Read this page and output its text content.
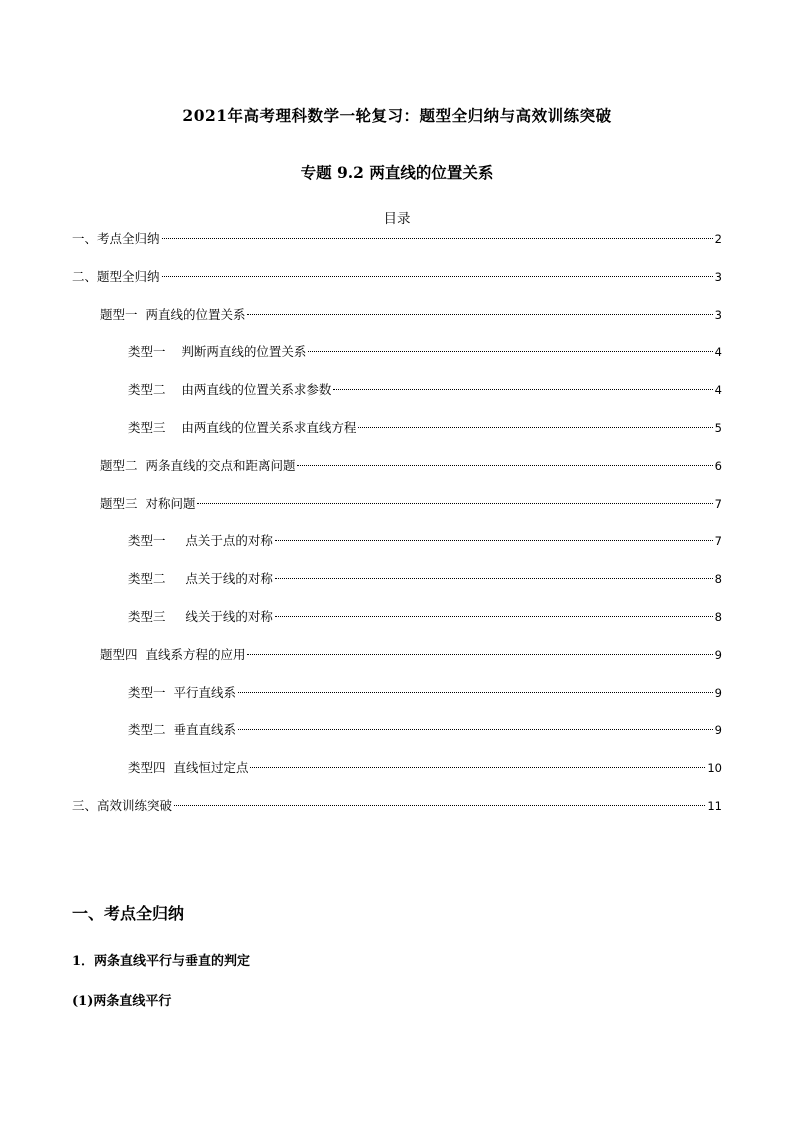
2021年高考理科数学一轮复习：题型全归纳与高效训练突破
专题 9.2 两直线的位置关系
目录
一、考点全归纳	2
二、题型全归纳	3
题型一  两直线的位置关系	3
类型一    判断两直线的位置关系	4
类型二    由两直线的位置关系求参数	4
类型三    由两直线的位置关系求直线方程	5
题型二  两条直线的交点和距离问题	6
题型三  对称问题	7
类型一     点关于点的对称	7
类型二     点关于线的对称	8
类型三     线关于线的对称	8
题型四  直线系方程的应用	9
类型一  平行直线系	9
类型二  垂直直线系	9
类型四  直线恒过定点	10
三、高效训练突破	11
一、考点全归纳
1．两条直线平行与垂直的判定
(1)两条直线平行
